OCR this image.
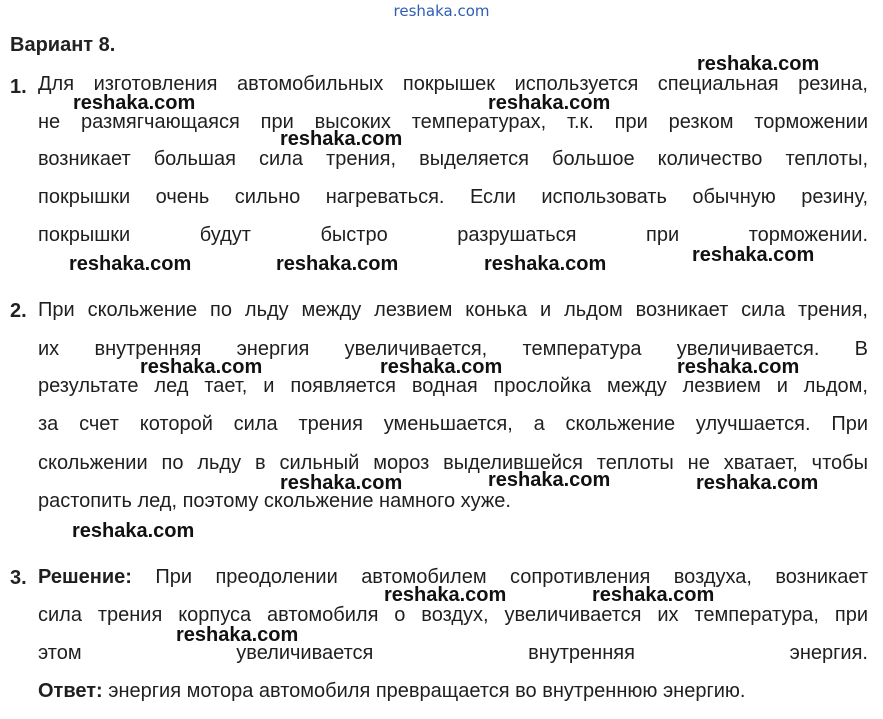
reshaka.com
Вариант 8.
1. Для изготовления автомобильных покрышек используется специальная резина,
не размягчающаяся при высоких температурах, т.к. при резком торможении
возникает большая сила трения, выделяется большое количество теплоты,
покрышки очень сильно нагреваться. Если использовать обычную резину,
покрышки будут быстро разрушаться при торможении.
2. При скольжение по льду между лезвием конька и льдом возникает сила трения,
их внутренняя энергия увеличивается, температура увеличивается. В
результате лед тает, и появляется водная прослойка между лезвием и льдом,
за счет которой сила трения уменьшается, а скольжение улучшается. При
скольжении по льду в сильный мороз выделившейся теплоты не хватает, чтобы
растопить лед, поэтому скольжение намного хуже.
3. Решение: При преодолении автомобилем сопротивления воздуха, возникает
сила трения корпуса автомобиля о воздух, увеличивается их температура, при
этом увеличивается внутренняя энергия.
Ответ: энергия мотора автомобиля превращается во внутреннюю энергию.
reshaka.com
reshaka.com	reshaka.com
reshaka.com
reshaka.com	reshaka.com	reshaka.com	reshaka.com
reshaka.com	reshaka.com	reshaka.com
reshaka.com
reshaka.com	reshaka.com
reshaka.com
reshaka.com	reshaka.com
reshaka.com
